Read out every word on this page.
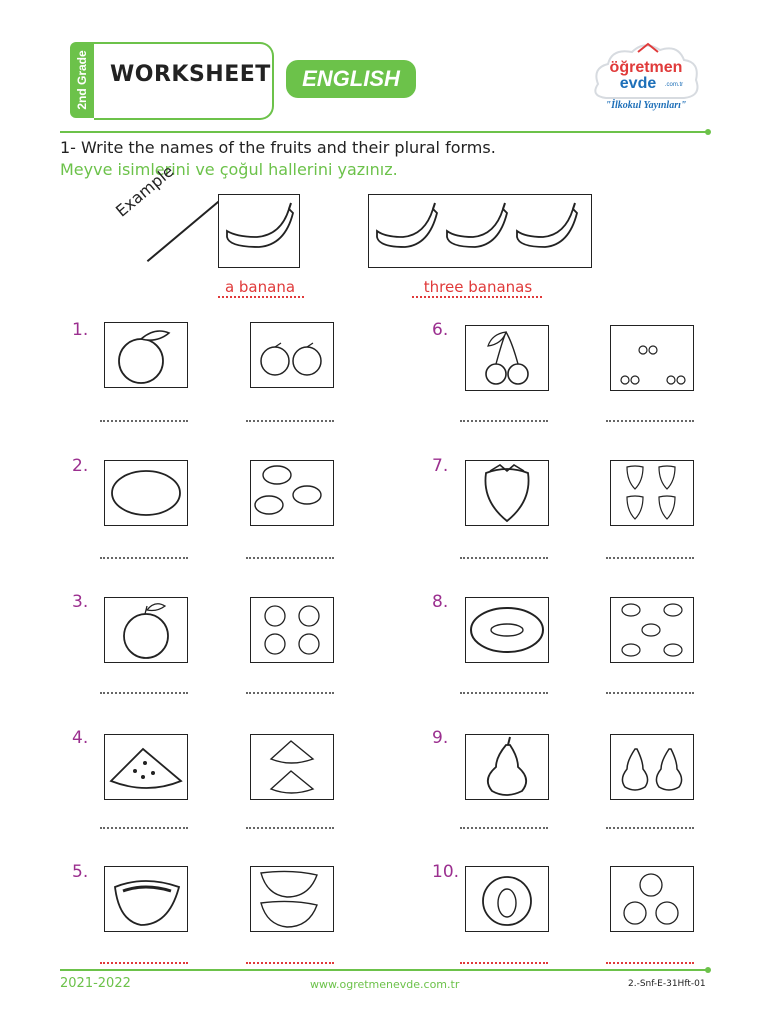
2nd Grade WORKSHEET	ENGLISH	öğretmen
evde .com.tr
"İlkokul Yayınları"
1- Write the names of the fruits and their plural forms.
Meyve isimlerini ve çoğul hallerini yazınız.
Example
a banana	three bananas
1.
2.
3.
4.
5.
6.
7.
8.
9.
10.
2021-2022	www.ogretmenevde.com.tr	2.-Snf-E-31Hft-01
